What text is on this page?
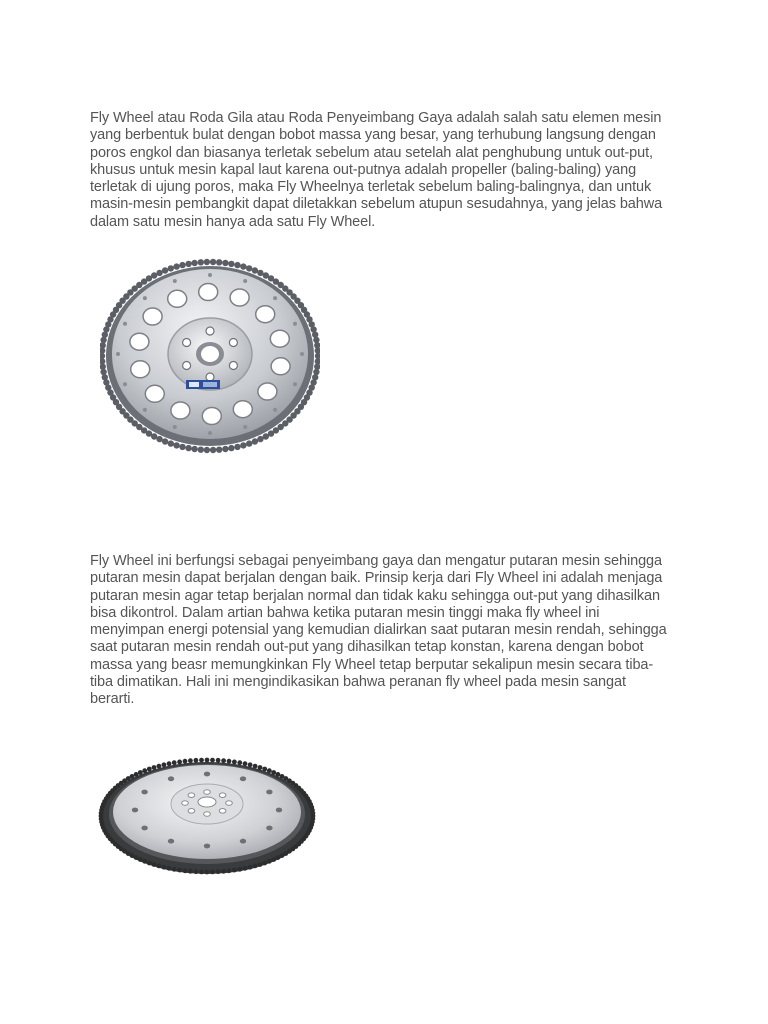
Fly Wheel atau Roda Gila atau Roda Penyeimbang Gaya adalah salah satu elemen mesin
yang berbentuk bulat dengan bobot massa yang besar, yang terhubung langsung dengan
poros engkol dan biasanya terletak sebelum atau setelah alat penghubung untuk out-put,
khusus untuk mesin kapal laut karena out-putnya adalah propeller (baling-baling) yang
terletak di ujung poros, maka Fly Wheelnya terletak sebelum baling-balingnya, dan untuk
masin-mesin pembangkit dapat diletakkan sebelum atupun sesudahnya, yang jelas bahwa
dalam satu mesin hanya ada satu Fly Wheel.

Fly Wheel ini berfungsi sebagai penyeimbang gaya dan mengatur putaran mesin sehingga
putaran mesin dapat berjalan dengan baik. Prinsip kerja dari Fly Wheel ini adalah menjaga
putaran mesin agar tetap berjalan normal dan tidak kaku sehingga out-put yang dihasilkan
bisa dikontrol. Dalam artian bahwa ketika putaran mesin tinggi maka fly wheel ini
menyimpan energi potensial yang kemudian dialirkan saat putaran mesin rendah, sehingga
saat putaran mesin rendah out-put yang dihasilkan tetap konstan, karena dengan bobot
massa yang beasr memungkinkan Fly Wheel tetap berputar sekalipun mesin secara tiba-
tiba dimatikan. Hali ini mengindikasikan bahwa peranan fly wheel pada mesin sangat
berarti.
